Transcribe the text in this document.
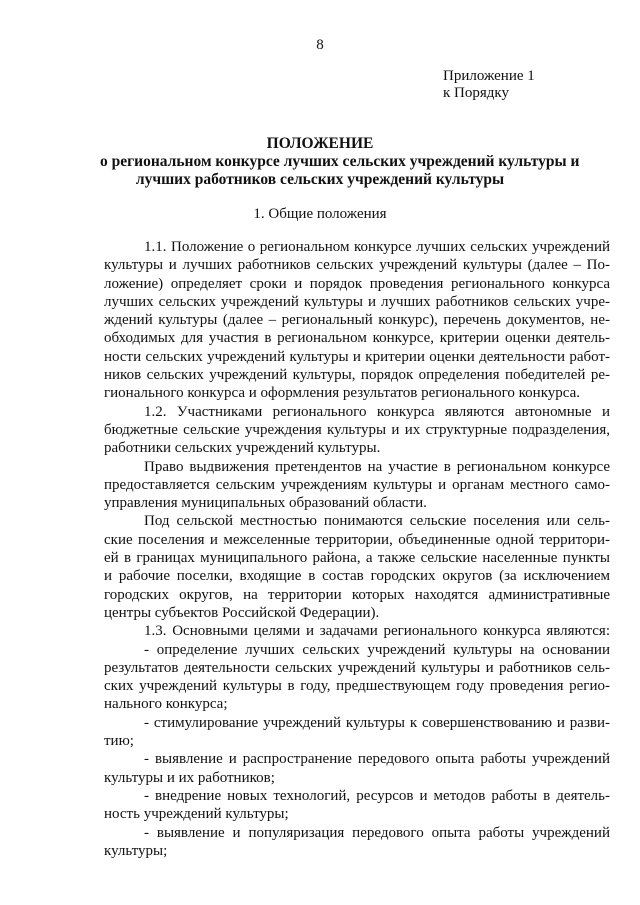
8
Приложение 1
к Порядку
ПОЛОЖЕНИЕ
о региональном конкурсе лучших сельских учреждений культуры и
лучших работников сельских учреждений культуры
1. Общие положения
1.1. Положение о региональном конкурсе лучших сельских учреждений
культуры и лучших работников сельских учреждений культуры (далее – По-
ложение) определяет сроки и порядок проведения регионального конкурса
лучших сельских учреждений культуры и лучших работников сельских учре-
ждений культуры (далее – региональный конкурс), перечень документов, не-
обходимых для участия в региональном конкурсе, критерии оценки деятель-
ности сельских учреждений культуры и критерии оценки деятельности работ-
ников сельских учреждений культуры, порядок определения победителей ре-
гионального конкурса и оформления результатов регионального конкурса.
1.2. Участниками регионального конкурса являются автономные и
бюджетные сельские учреждения культуры и их структурные подразделения,
работники сельских учреждений культуры.
Право выдвижения претендентов на участие в региональном конкурсе
предоставляется сельским учреждениям культуры и органам местного само-
управления муниципальных образований области.
Под сельской местностью понимаются сельские поселения или сель-
ские поселения и межселенные территории, объединенные одной территори-
ей в границах муниципального района, а также сельские населенные пункты
и рабочие поселки, входящие в состав городских округов (за исключением
городских округов, на территории которых находятся административные
центры субъектов Российской Федерации).
1.3. Основными целями и задачами регионального конкурса являются:
- определение лучших сельских учреждений культуры на основании
результатов деятельности сельских учреждений культуры и работников сель-
ских учреждений культуры в году, предшествующем году проведения регио-
нального конкурса;
- стимулирование учреждений культуры к совершенствованию и разви-
тию;
- выявление и распространение передового опыта работы учреждений
культуры и их работников;
- внедрение новых технологий, ресурсов и методов работы в деятель-
ность учреждений культуры;
- выявление и популяризация передового опыта работы учреждений
культуры;
